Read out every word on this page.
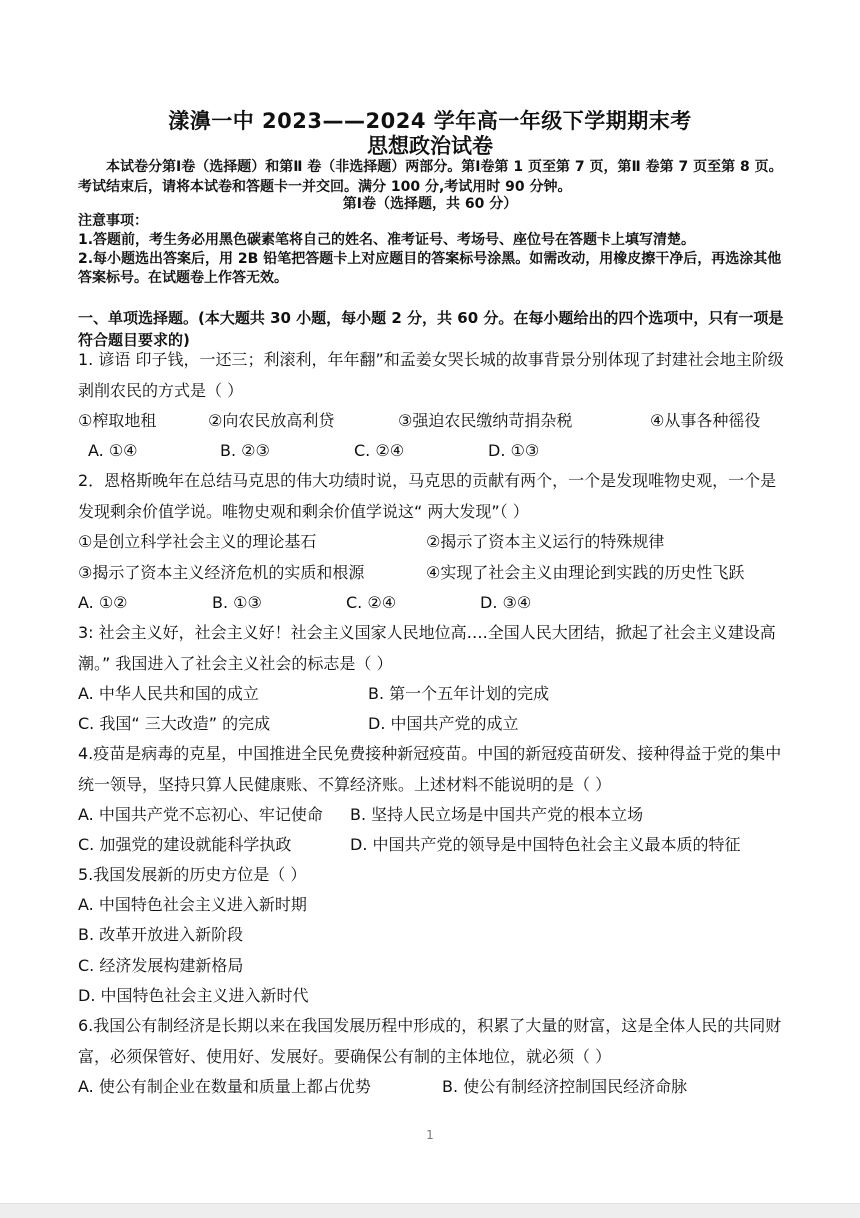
漾濞一中 2023——2024 学年高一年级下学期期末考
思想政治试卷
本试卷分第Ⅰ卷（选择题）和第Ⅱ 卷（非选择题）两部分。第Ⅰ卷第 1 页至第 7 页，第Ⅱ 卷第 7 页至第 8 页。考试结束后，请将本试卷和答题卡一并交回。满分 100 分,考试用时 90 分钟。
第Ⅰ卷（选择题，共 60 分）
注意事项：
1.答题前，考生务必用黑色碳素笔将自己的姓名、准考证号、考场号、座位号在答题卡上填写清楚。
2.每小题选出答案后，用 2B 铅笔把答题卡上对应题目的答案标号涂黑。如需改动，用橡皮擦干净后，再选涂其他答案标号。在试题卷上作答无效。
一、单项选择题。(本大题共 30 小题，每小题 2 分，共 60 分。在每小题给出的四个选项中，只有一项是符合题目要求的)
1. 谚语 印子钱，一还三；利滚利，年年翻”和孟姜女哭长城的故事背景分别体现了封建社会地主阶级剥削农民的方式是（ ）
①榨取地租	②向农民放高利贷	③强迫农民缴纳苛捐杂税	④从事各种徭役
A. ①④	B. ②③	C. ②④	D. ①③
2．恩格斯晚年在总结马克思的伟大功绩时说，马克思的贡献有两个，一个是发现唯物史观，一个是发现剩余价值学说。唯物史观和剩余价值学说这“ 两大发现”（ ）
①是创立科学社会主义的理论基石	②揭示了资本主义运行的特殊规律
③揭示了资本主义经济危机的实质和根源	④实现了社会主义由理论到实践的历史性飞跃
A. ①②	B. ①③	C. ②④	D. ③④
3: 社会主义好，社会主义好！社会主义国家人民地位高….全国人民大团结，掀起了社会主义建设高潮。” 我国进入了社会主义社会的标志是（ ）
A. 中华人民共和国的成立	B. 第一个五年计划的完成
C. 我国“ 三大改造” 的完成	D. 中国共产党的成立
4.疫苗是病毒的克星，中国推进全民免费接种新冠疫苗。中国的新冠疫苗研发、接种得益于党的集中统一领导，坚持只算人民健康账、不算经济账。上述材料不能说明的是（ ）
A. 中国共产党不忘初心、牢记使命 B. 坚持人民立场是中国共产党的根本立场
C. 加强党的建设就能科学执政	D. 中国共产党的领导是中国特色社会主义最本质的特征
5.我国发展新的历史方位是（ ）
A. 中国特色社会主义进入新时期
B. 改革开放进入新阶段
C. 经济发展构建新格局
D. 中国特色社会主义进入新时代
6.我国公有制经济是长期以来在我国发展历程中形成的，积累了大量的财富，这是全体人民的共同财富，必须保管好、使用好、发展好。要确保公有制的主体地位，就必须（ ）
A. 使公有制企业在数量和质量上都占优势	B. 使公有制经济控制国民经济命脉
1
